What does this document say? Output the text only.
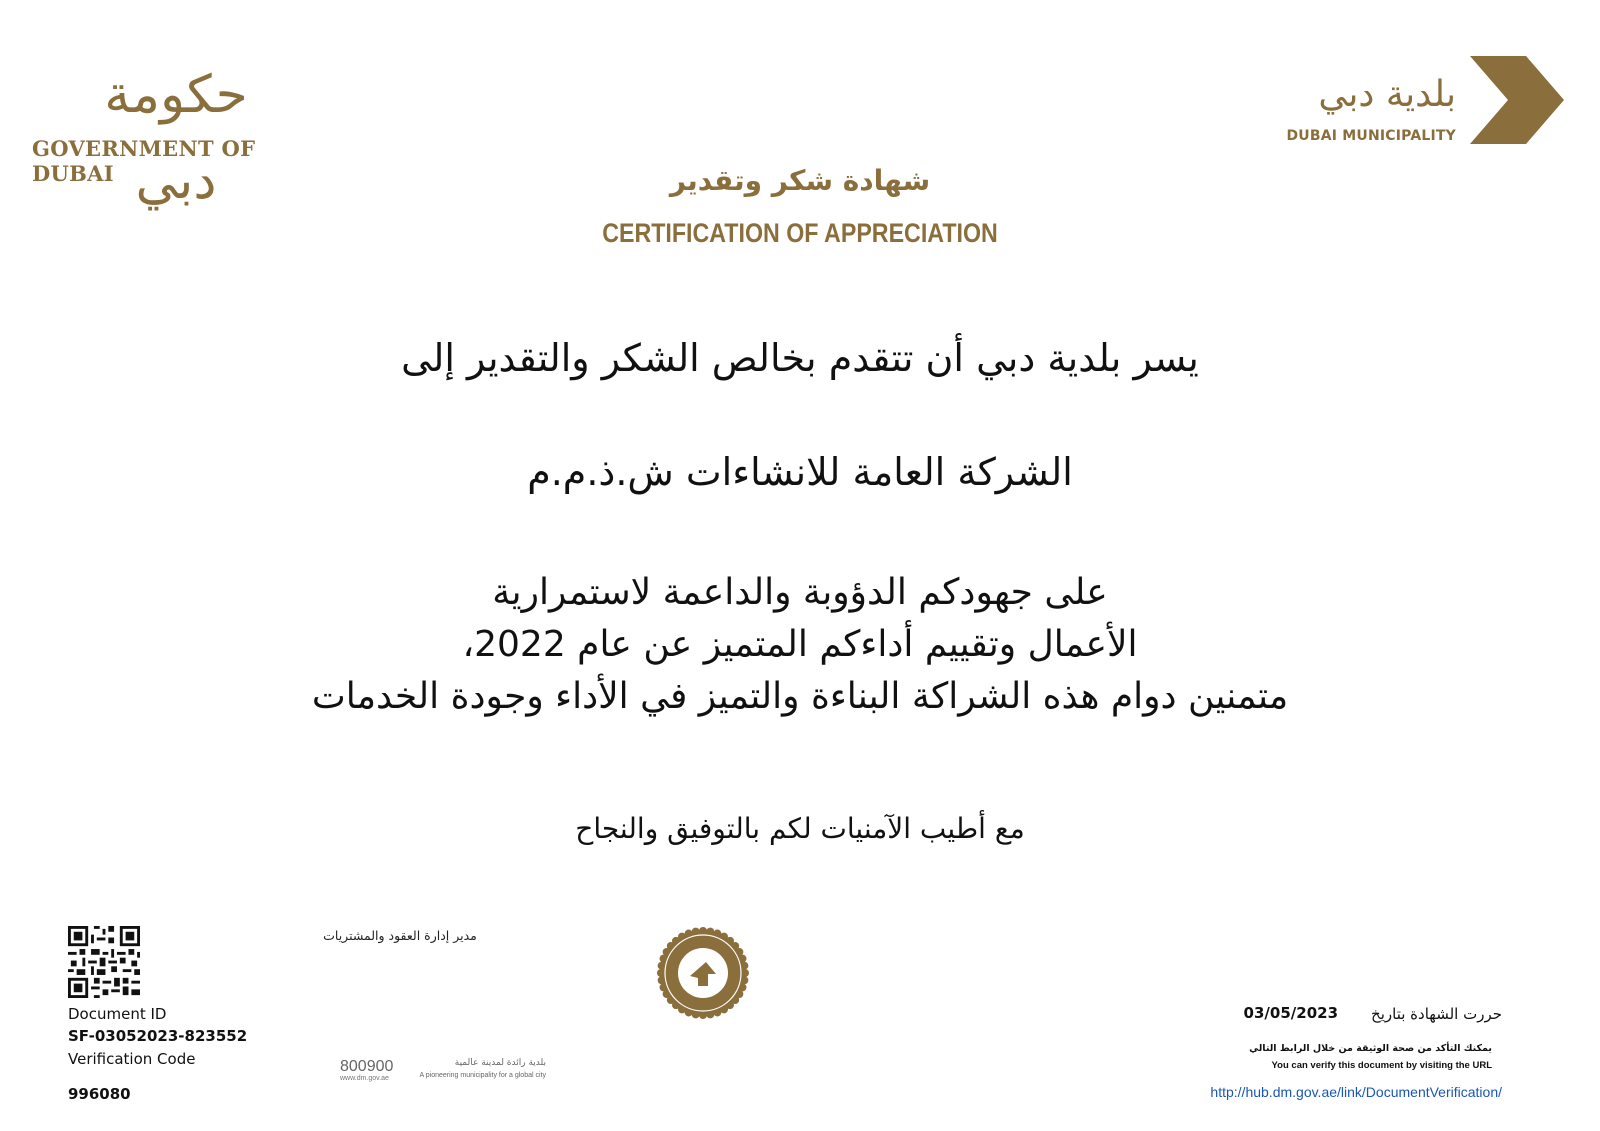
حكومة دبي
GOVERNMENT OF DUBAI
بلدية دبي
DUBAI MUNICIPALITY
شهادة شكر وتقدير
CERTIFICATION OF APPRECIATION
يسر بلدية دبي أن تتقدم بخالص الشكر والتقدير إلى
الشركة العامة للانشاءات ش.ذ.م.م
على جهودكم الدؤوبة والداعمة لاستمرارية
الأعمال وتقييم أداءكم المتميز عن عام 2022،
متمنين دوام هذه الشراكة البناءة والتميز في الأداء وجودة الخدمات
مع أطيب الآمنيات لكم بالتوفيق والنجاح
Document ID
SF-03052023-823552
Verification Code
996080
مدير إدارة العقود والمشتريات
800900
www.dm.gov.ae
بلدية رائدة لمدينة عالمية
A pioneering municipality for a global city
حررت الشهادة بتاريخ
03/05/2023
يمكنك التأكد من صحة الوثيقة من خلال الرابط التالي
You can verify this document by visiting the URL
http://hub.dm.gov.ae/link/DocumentVerification/
